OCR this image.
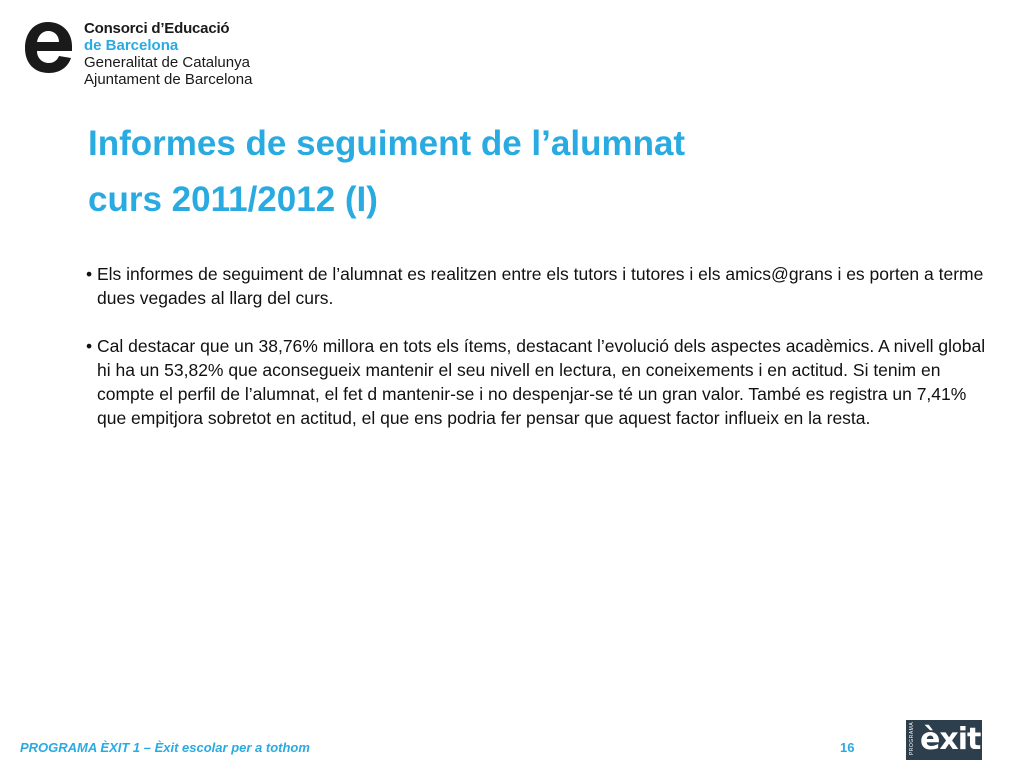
Consorci d’Educació
de Barcelona
Generalitat de Catalunya
Ajuntament de Barcelona
Informes de seguiment de l’alumnat
curs 2011/2012 (I)
• Els informes de seguiment de l’alumnat es realitzen entre els tutors i tutores i els amics@grans i es porten a terme dues vegades al llarg del curs.
• Cal destacar que un 38,76% millora en tots els ítems, destacant l’evolució dels aspectes acadèmics. A nivell global hi ha un 53,82% que aconsegueix mantenir el seu nivell en lectura, en coneixements i en actitud. Si tenim en compte el perfil de l’alumnat, el fet d mantenir-se i no despenjar-se té un gran valor. També es registra un 7,41% que empitjora sobretot en actitud, el que ens podria fer pensar que aquest factor influeix en la resta.
PROGRAMA ÈXIT 1 – Èxit escolar per a tothom	16	PROGRAMA èxit
